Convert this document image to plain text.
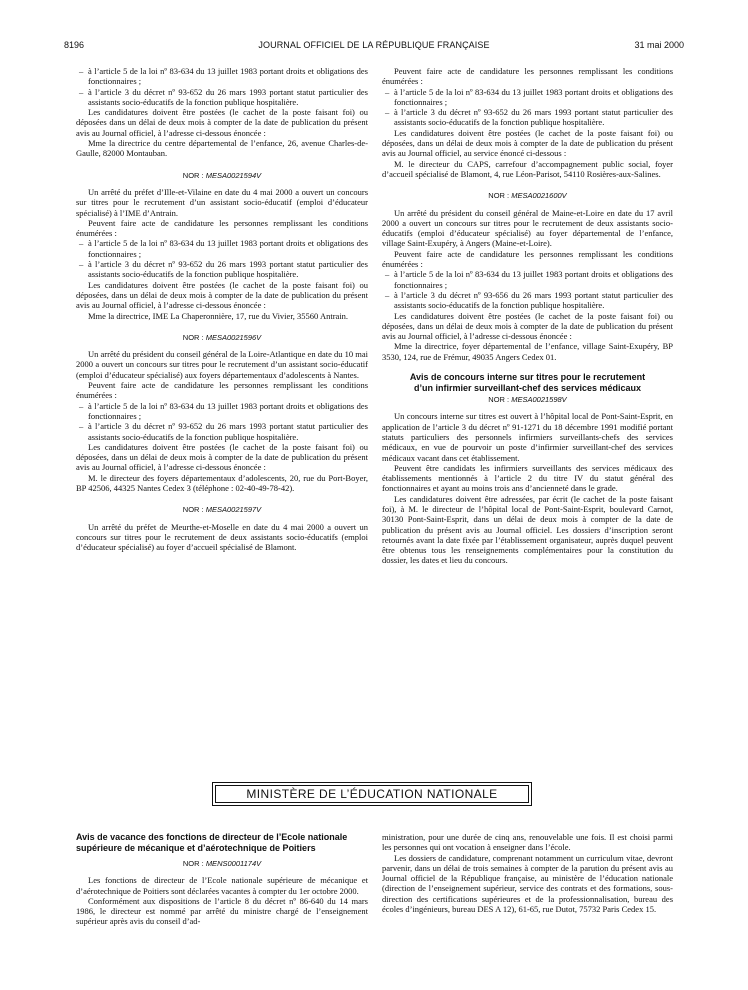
8196	JOURNAL OFFICIEL DE LA RÉPUBLIQUE FRANÇAISE	31 mai 2000
– à l’article 5 de la loi nº 83-634 du 13 juillet 1983 portant droits et obligations des fonctionnaires ;
– à l’article 3 du décret nº 93-652 du 26 mars 1993 portant statut particulier des assistants socio-éducatifs de la fonction publique hospitalière.

Les candidatures doivent être postées (le cachet de la poste faisant foi) ou déposées dans un délai de deux mois à compter de la date de publication du présent avis au Journal officiel, à l’adresse ci-dessous énoncée :

Mme la directrice du centre départemental de l’enfance, 26, avenue Charles-de-Gaulle, 82000 Montauban.

NOR : MESA0021594V

Un arrêté du préfet d’Ille-et-Vilaine en date du 4 mai 2000 a ouvert un concours sur titres pour le recrutement d’un assistant socio-éducatif (emploi d’éducateur spécialisé) à l’IME d’Antrain.

Peuvent faire acte de candidature les personnes remplissant les conditions énumérées :

– à l’article 5 de la loi nº 83-634 du 13 juillet 1983 portant droits et obligations des fonctionnaires ;
– à l’article 3 du décret nº 93-652 du 26 mars 1993 portant statut particulier des assistants socio-éducatifs de la fonction publique hospitalière.

Les candidatures doivent être postées (le cachet de la poste faisant foi) ou déposées, dans un délai de deux mois à compter de la date de publication du présent avis au Journal officiel, à l’adresse ci-dessous énoncée :

Mme la directrice, IME La Chaperonnière, 17, rue du Vivier, 35560 Antrain.

NOR : MESA0021596V

Un arrêté du président du conseil général de la Loire-Atlantique en date du 10 mai 2000 a ouvert un concours sur titres pour le recrutement d’un assistant socio-éducatif (emploi d’éducateur spécialisé) aux foyers départementaux d’adolescents à Nantes.

Peuvent faire acte de candidature les personnes remplissant les conditions énumérées :

– à l’article 5 de la loi nº 83-634 du 13 juillet 1983 portant droits et obligations des fonctionnaires ;
– à l’article 3 du décret nº 93-652 du 26 mars 1993 portant statut particulier des assistants socio-éducatifs de la fonction publique hospitalière.

Les candidatures doivent être postées (le cachet de la poste faisant foi) ou déposées, dans un délai de deux mois à compter de la date de publication du présent avis au Journal officiel, à l’adresse ci-dessous énoncée :

M. le directeur des foyers départementaux d’adolescents, 20, rue du Port-Boyer, BP 42506, 44325 Nantes Cedex 3 (téléphone : 02-40-49-78-42).

NOR : MESA0021597V

Un arrêté du préfet de Meurthe-et-Moselle en date du 4 mai 2000 a ouvert un concours sur titres pour le recrutement de deux assistants socio-éducatifs (emploi d’éducateur spécialisé) au foyer d’accueil spécialisé de Blamont.

Peuvent faire acte de candidature les personnes remplissant les conditions énumérées :

– à l’article 5 de la loi nº 83-634 du 13 juillet 1983 portant droits et obligations des fonctionnaires ;
– à l’article 3 du décret nº 93-652 du 26 mars 1993 portant statut particulier des assistants socio-éducatifs de la fonction publique hospitalière.

Les candidatures doivent être postées (le cachet de la poste faisant foi) ou déposées, dans un délai de deux mois à compter de la date de publication du présent avis au Journal officiel, au service énoncé ci-dessous :

M. le directeur du CAPS, carrefour d’accompagnement public social, foyer d’accueil spécialisé de Blamont, 4, rue Léon-Parisot, 54110 Rosières-aux-Salines.

NOR : MESA0021600V

Un arrêté du président du conseil général de Maine-et-Loire en date du 17 avril 2000 a ouvert un concours sur titres pour le recrutement de deux assistants socio-éducatifs (emploi d’éducateur spécialisé) au foyer départemental de l’enfance, village Saint-Exupéry, à Angers (Maine-et-Loire).

Peuvent faire acte de candidature les personnes remplissant les conditions énumérées :

– à l’article 5 de la loi nº 83-634 du 13 juillet 1983 portant droits et obligations des fonctionnaires ;
– à l’article 3 du décret nº 93-656 du 26 mars 1993 portant statut particulier des assistants socio-éducatifs de la fonction publique hospitalière.

Les candidatures doivent être postées (le cachet de la poste faisant foi) ou déposées, dans un délai de deux mois à compter de la date de publication du présent avis au Journal officiel, à l’adresse ci-dessous énoncée :

Mme la directrice, foyer départemental de l’enfance, village Saint-Exupéry, BP 3530, 124, rue de Frémur, 49035 Angers Cedex 01.

Avis de concours interne sur titres pour le recrutement
d’un infirmier surveillant-chef des services médicaux
NOR : MESA0021598V

Un concours interne sur titres est ouvert à l’hôpital local de Pont-Saint-Esprit, en application de l’article 3 du décret nº 91-1271 du 18 décembre 1991 modifié portant statuts particuliers des personnels infirmiers surveillants-chefs des services médicaux, en vue de pourvoir un poste d’infirmier surveillant-chef des services médicaux vacant dans cet établissement.

Peuvent être candidats les infirmiers surveillants des services médicaux des établissements mentionnés à l’article 2 du titre IV du statut général des fonctionnaires et ayant au moins trois ans d’ancienneté dans le grade.

Les candidatures doivent être adressées, par écrit (le cachet de la poste faisant foi), à M. le directeur de l’hôpital local de Pont-Saint-Esprit, boulevard Carnot, 30130 Pont-Saint-Esprit, dans un délai de deux mois à compter de la date de publication du présent avis au Journal officiel. Les dossiers d’inscription seront retournés avant la date fixée par l’établissement organisateur, auprès duquel peuvent être obtenus tous les renseignements complémentaires pour la constitution du dossier, les dates et lieu du concours.

MINISTÈRE DE L’ÉDUCATION NATIONALE
Avis de vacance des fonctions de directeur de l’Ecole nationale supérieure de mécanique et d’aérotechnique de Poitiers
NOR : MENS0001174V

Les fonctions de directeur de l’Ecole nationale supérieure de mécanique et d’aérotechnique de Poitiers sont déclarées vacantes à compter du 1er octobre 2000.

Conformément aux dispositions de l’article 8 du décret nº 86-640 du 14 mars 1986, le directeur est nommé par arrêté du ministre chargé de l’enseignement supérieur après avis du conseil d’ad-

ministration, pour une durée de cinq ans, renouvelable une fois. Il est choisi parmi les personnes qui ont vocation à enseigner dans l’école.

Les dossiers de candidature, comprenant notamment un curriculum vitae, devront parvenir, dans un délai de trois semaines à compter de la parution du présent avis au Journal officiel de la République française, au ministère de l’éducation nationale (direction de l’enseignement supérieur, service des contrats et des formations, sous-direction des certifications supérieures et de la professionnalisation, bureau des écoles d’ingénieurs, bureau DES A 12), 61-65, rue Dutot, 75732 Paris Cedex 15.
